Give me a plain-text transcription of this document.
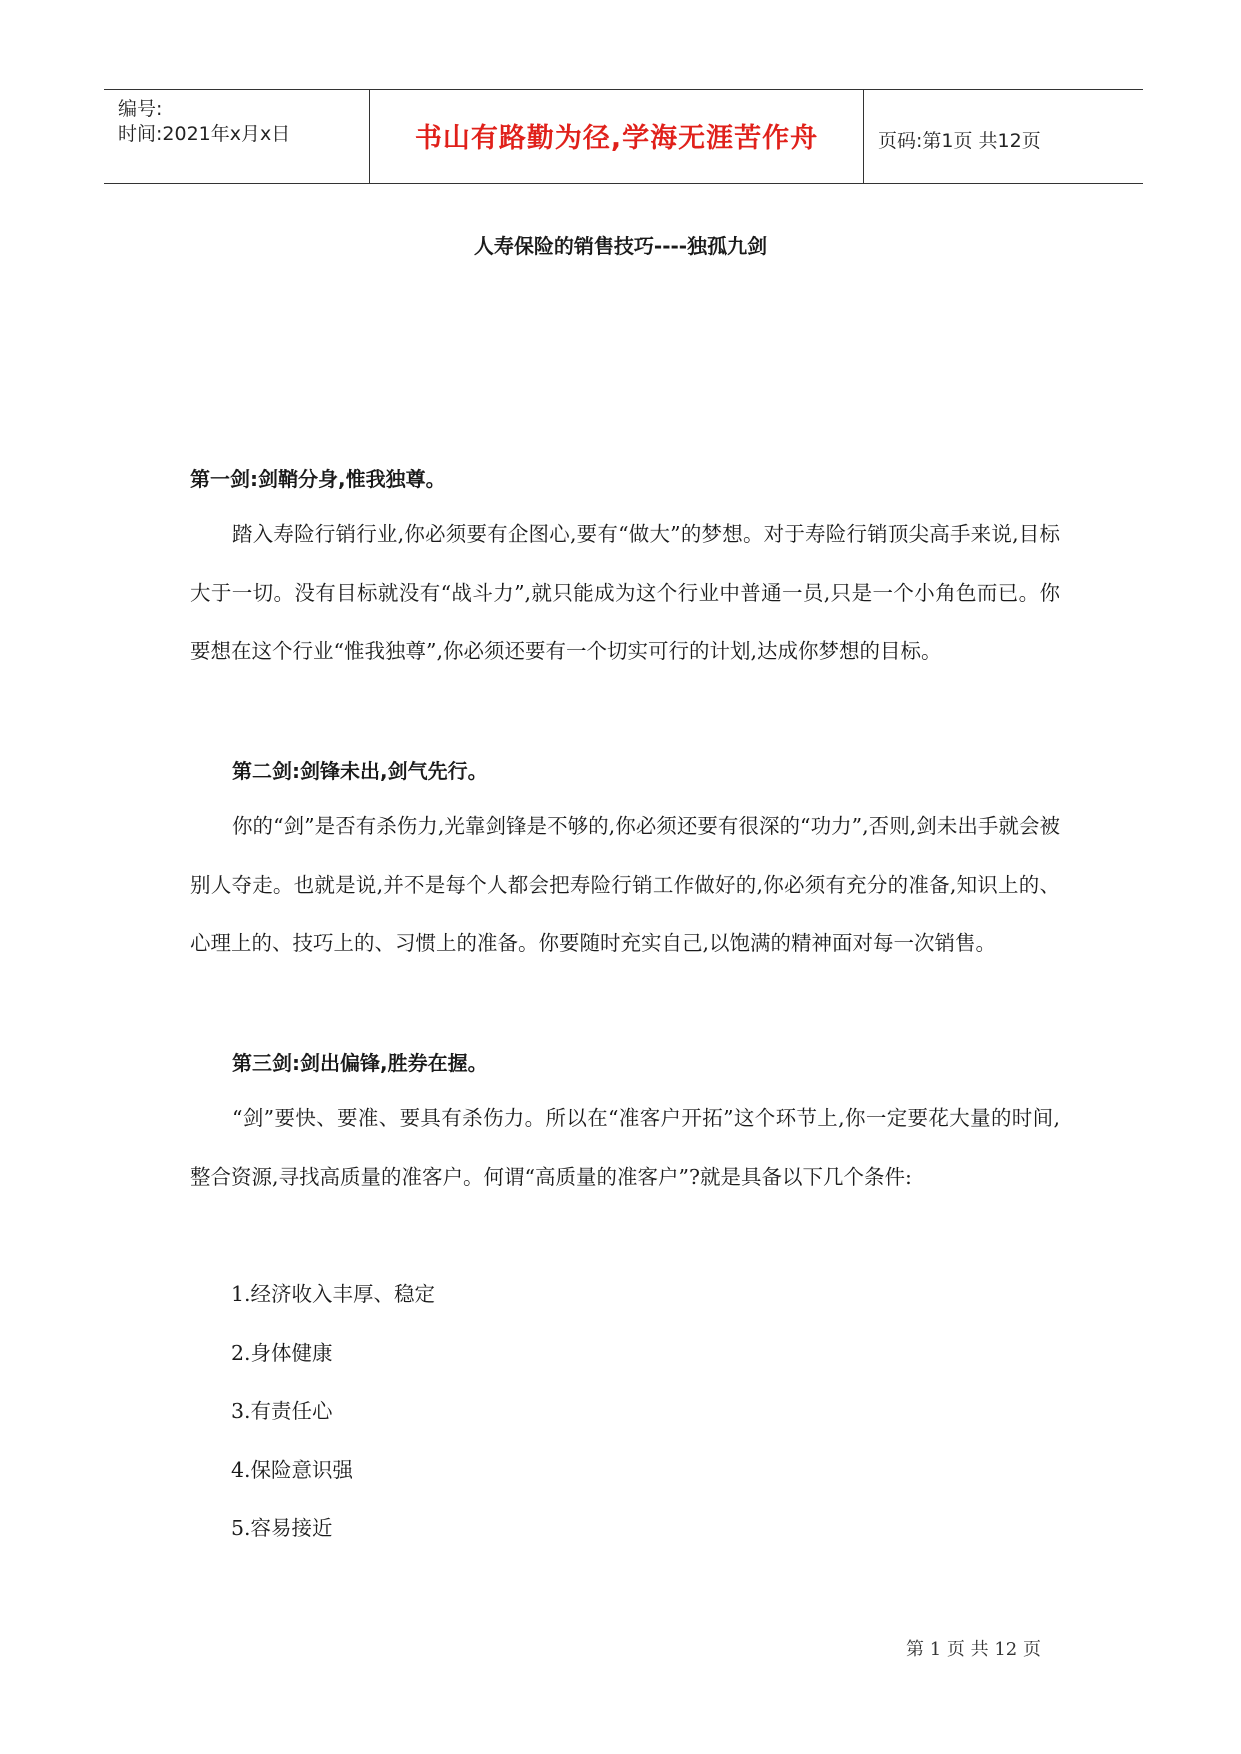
编号:
时间:2021年x月x日	书山有路勤为径,学海无涯苦作舟	页码:第1页 共12页
人寿保险的销售技巧----独孤九剑
第一剑:剑鞘分身,惟我独尊。

踏入寿险行销行业,你必须要有企图心,要有“做大”的梦想。对于寿险行销顶尖高手来说,目标大于一切。没有目标就没有“战斗力”,就只能成为这个行业中普通一员,只是一个小角色而已。你要想在这个行业“惟我独尊”,你必须还要有一个切实可行的计划,达成你梦想的目标。

第二剑:剑锋未出,剑气先行。

你的“剑”是否有杀伤力,光靠剑锋是不够的,你必须还要有很深的“功力”,否则,剑未出手就会被别人夺走。也就是说,并不是每个人都会把寿险行销工作做好的,你必须有充分的准备,知识上的、心理上的、技巧上的、习惯上的准备。你要随时充实自己,以饱满的精神面对每一次销售。

第三剑:剑出偏锋,胜券在握。

“剑”要快、要准、要具有杀伤力。所以在“准客户开拓”这个环节上,你一定要花大量的时间,整合资源,寻找高质量的准客户。何谓“高质量的准客户”?就是具备以下几个条件:

1.经济收入丰厚、稳定
2.身体健康
3.有责任心
4.保险意识强
5.容易接近
第 1 页 共 12 页
